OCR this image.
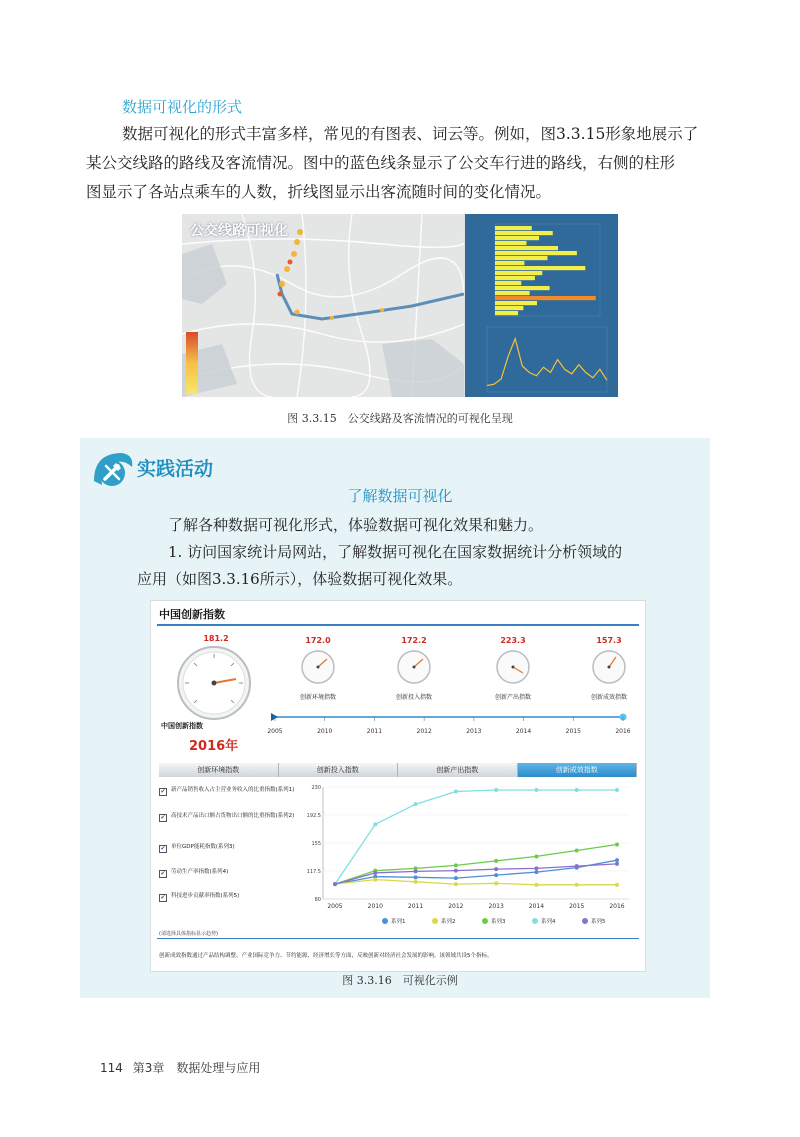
数据可视化的形式

数据可视化的形式丰富多样，常见的有图表、词云等。例如，图3.3.15形象地展示了

某公交线路的路线及客流情况。图中的蓝色线条显示了公交车行进的路线，右侧的柱形

图显示了各站点乘车的人数，折线图显示出客流随时间的变化情况。

公交线路可视化
图 3.3.15　公交线路及客流情况的可视化呈现
实践活动
了解数据可视化
了解各种数据可视化形式，体验数据可视化效果和魅力。
1. 访问国家统计局网站，了解数据可视化在国家数据统计分析领域的
应用（如图3.3.16所示），体验数据可视化效果。
中国创新指数
181.2
中国创新指数
2016年
172.0
创新环境指数
172.2
创新投入指数
223.3
创新产出指数
157.3
创新成效指数
2005	2010	2011	2012	2013	2014	2015	2016
创新环境指数	创新投入指数	创新产出指数	创新成效指数
✔ 新产品销售收入占主营业务收入的比重指数(系列1)
✔ 高技术产品出口额占货物出口额的比重指数(系列2)
✔ 单位GDP能耗指数(系列3)
✔ 劳动生产率指数(系列4)
✔ 科技进步贡献率指数(系列5)
80
117.5
155
192.5
230
2005	2010	2011	2012	2013	2014	2015	2016
系列1	系列2	系列3	系列4	系列5
(请选择具体指标显示趋势)
创新成效指数通过产品结构调整、产业国际竞争力、节约能源、经济增长等方面，反映创新对经济社会发展的影响。该领域共设5个指标。
图 3.3.16　可视化示例
114 第3章　数据处理与应用
